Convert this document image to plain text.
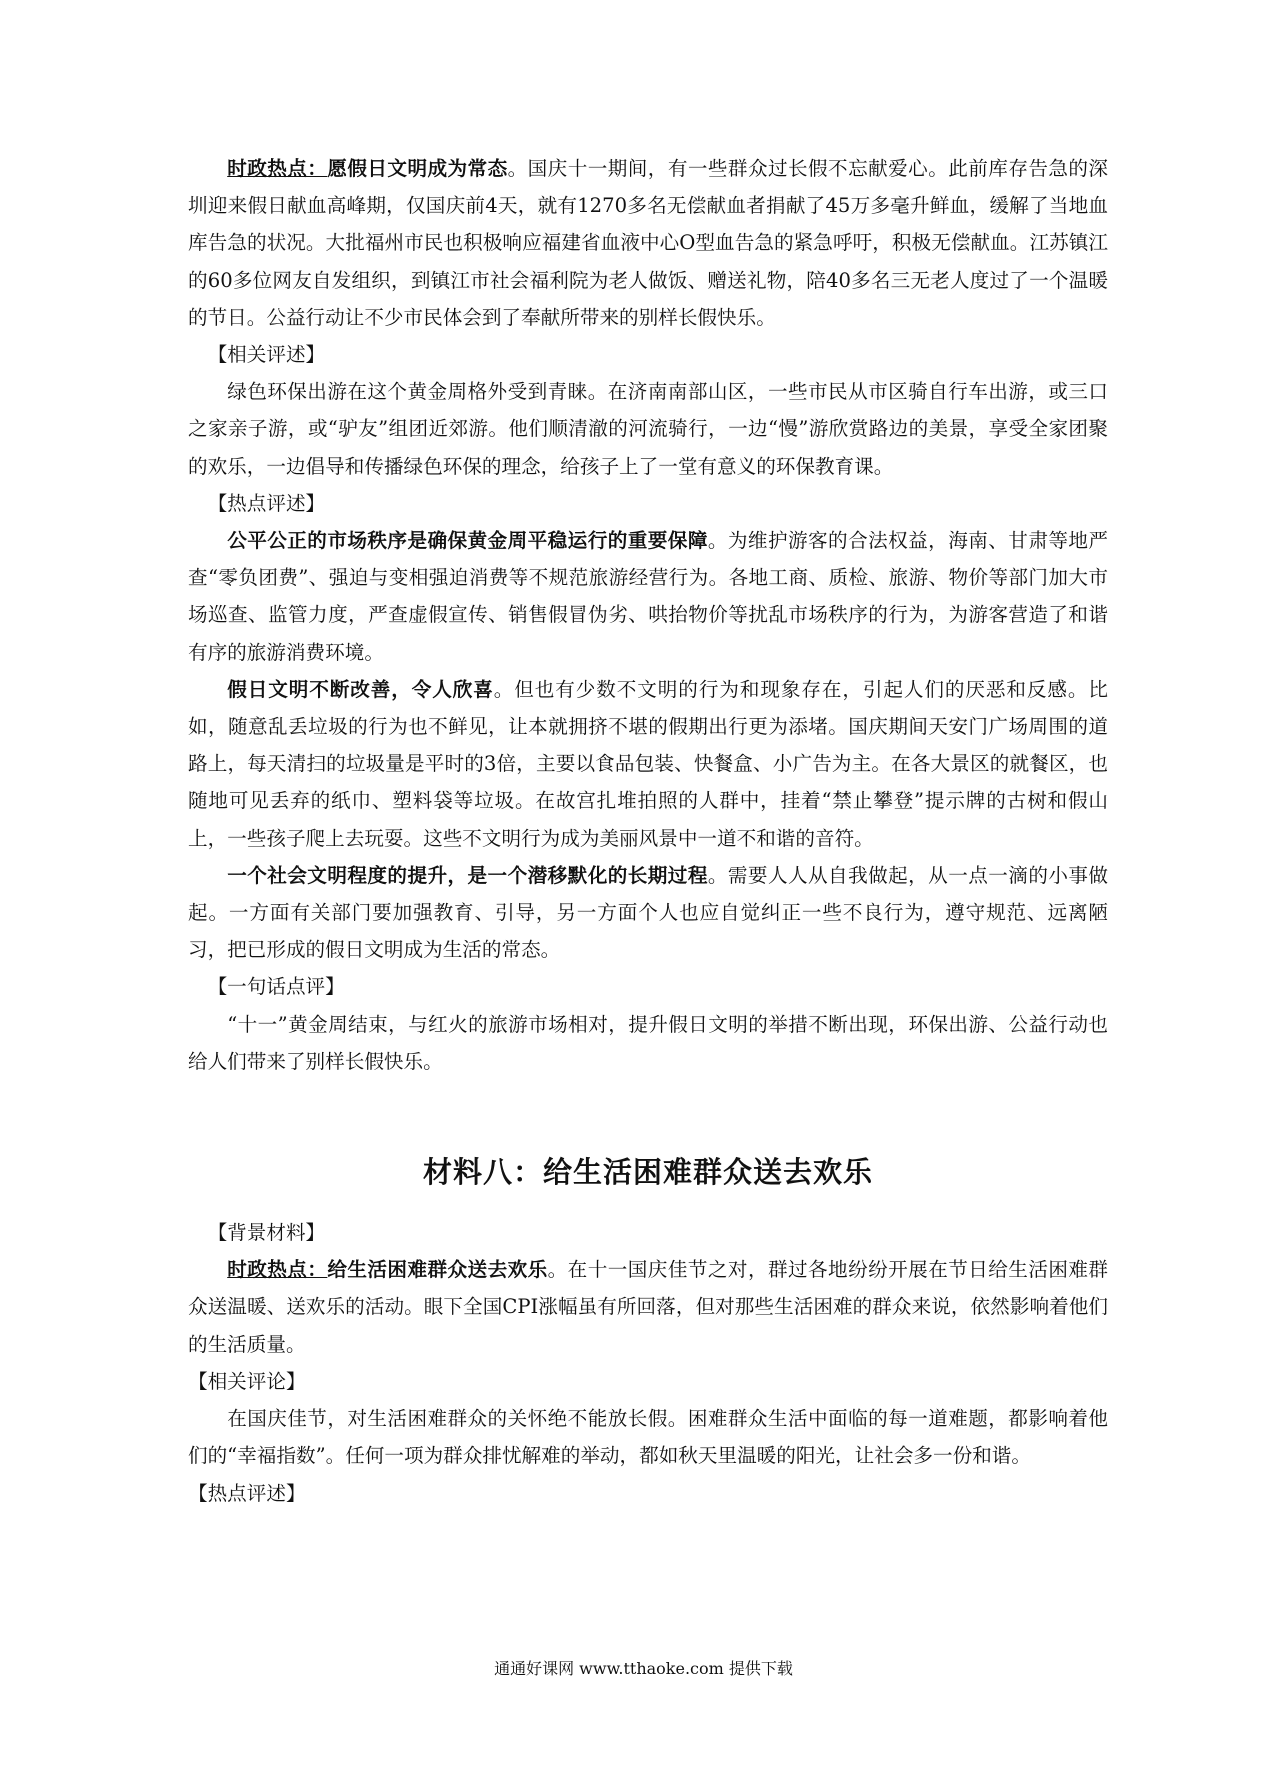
时政热点：愿假日文明成为常态。国庆十一期间，有一些群众过长假不忘献爱心。此前库存告急的深圳迎来假日献血高峰期，仅国庆前4天，就有1270多名无偿献血者捐献了45万多毫升鲜血，缓解了当地血库告急的状况。大批福州市民也积极响应福建省血液中心O型血告急的紧急呼吁，积极无偿献血。江苏镇江的60多位网友自发组织，到镇江市社会福利院为老人做饭、赠送礼物，陪40多名三无老人度过了一个温暖的节日。公益行动让不少市民体会到了奉献所带来的别样长假快乐。

【相关评述】

绿色环保出游在这个黄金周格外受到青睐。在济南南部山区，一些市民从市区骑自行车出游，或三口之家亲子游，或“驴友”组团近郊游。他们顺清澈的河流骑行，一边“慢”游欣赏路边的美景，享受全家团聚的欢乐，一边倡导和传播绿色环保的理念，给孩子上了一堂有意义的环保教育课。

【热点评述】

公平公正的市场秩序是确保黄金周平稳运行的重要保障。为维护游客的合法权益，海南、甘肃等地严查“零负团费”、强迫与变相强迫消费等不规范旅游经营行为。各地工商、质检、旅游、物价等部门加大市场巡查、监管力度，严查虚假宣传、销售假冒伪劣、哄抬物价等扰乱市场秩序的行为，为游客营造了和谐有序的旅游消费环境。

假日文明不断改善，令人欣喜。但也有少数不文明的行为和现象存在，引起人们的厌恶和反感。比如，随意乱丢垃圾的行为也不鲜见，让本就拥挤不堪的假期出行更为添堵。国庆期间天安门广场周围的道路上，每天清扫的垃圾量是平时的3倍，主要以食品包装、快餐盒、小广告为主。在各大景区的就餐区，也随地可见丢弃的纸巾、塑料袋等垃圾。在故宫扎堆拍照的人群中，挂着“禁止攀登”提示牌的古树和假山上，一些孩子爬上去玩耍。这些不文明行为成为美丽风景中一道不和谐的音符。

一个社会文明程度的提升，是一个潜移默化的长期过程。需要人人从自我做起，从一点一滴的小事做起。一方面有关部门要加强教育、引导，另一方面个人也应自觉纠正一些不良行为，遵守规范、远离陋习，把已形成的假日文明成为生活的常态。

【一句话点评】

“十一”黄金周结束，与红火的旅游市场相对，提升假日文明的举措不断出现，环保出游、公益行动也给人们带来了别样长假快乐。

材料八：给生活困难群众送去欢乐

【背景材料】

时政热点：给生活困难群众送去欢乐。在十一国庆佳节之对，群过各地纷纷开展在节日给生活困难群众送温暖、送欢乐的活动。眼下全国CPI涨幅虽有所回落，但对那些生活困难的群众来说，依然影响着他们的生活质量。

【相关评论】

在国庆佳节，对生活困难群众的关怀绝不能放长假。困难群众生活中面临的每一道难题，都影响着他们的“幸福指数”。任何一项为群众排忧解难的举动，都如秋天里温暖的阳光，让社会多一份和谐。

【热点评述】

通通好课网 www.tthaoke.com 提供下载
